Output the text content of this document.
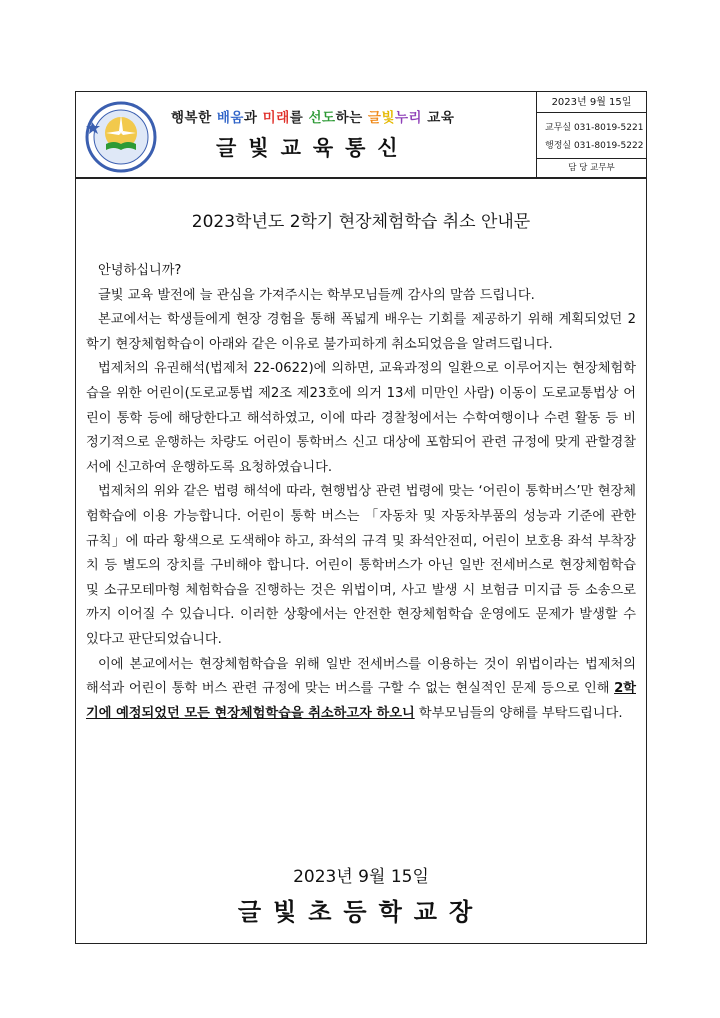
행복한 배움과 미래를 선도하는 글빛누리 교육
글빛교육통신
2023년 9월 15일
교무실 031-8019-5221
행정실 031-8019-5222
담 당 교무부
2023학년도 2학기 현장체험학습 취소 안내문

안녕하십니까?

글빛 교육 발전에 늘 관심을 가져주시는 학부모님들께 감사의 말씀 드립니다.

본교에서는 학생들에게 현장 경험을 통해 폭넓게 배우는 기회를 제공하기 위해 계획되었던 2학기 현장체험학습이 아래와 같은 이유로 불가피하게 취소되었음을 알려드립니다.

법제처의 유권해석(법제처 22-0622)에 의하면, 교육과정의 일환으로 이루어지는 현장체험학습을 위한 어린이(도로교통법 제2조 제23호에 의거 13세 미만인 사람) 이동이 도로교통법상 어린이 통학 등에 해당한다고 해석하였고, 이에 따라 경찰청에서는 수학여행이나 수련 활동 등 비정기적으로 운행하는 차량도 어린이 통학버스 신고 대상에 포함되어 관련 규정에 맞게 관할경찰서에 신고하여 운행하도록 요청하였습니다.

법제처의 위와 같은 법령 해석에 따라, 현행법상 관련 법령에 맞는 ‘어린이 통학버스’만 현장체험학습에 이용 가능합니다. 어린이 통학 버스는 「자동차 및 자동차부품의 성능과 기준에 관한 규칙」에 따라 황색으로 도색해야 하고, 좌석의 규격 및 좌석안전띠, 어린이 보호용 좌석 부착장치 등 별도의 장치를 구비해야 합니다. 어린이 통학버스가 아닌 일반 전세버스로 현장체험학습 및 소규모테마형 체험학습을 진행하는 것은 위법이며, 사고 발생 시 보험금 미지급 등 소송으로까지 이어질 수 있습니다. 이러한 상황에서는 안전한 현장체험학습 운영에도 문제가 발생할 수 있다고 판단되었습니다.

이에 본교에서는 현장체험학습을 위해 일반 전세버스를 이용하는 것이 위법이라는 법제처의 해석과 어린이 통학 버스 관련 규정에 맞는 버스를 구할 수 없는 현실적인 문제 등으로 인해 2학기에 예정되었던 모든 현장체험학습을 취소하고자 하오니 학부모님들의 양해를 부탁드립니다.

2023년 9월 15일
글빛초등학교장
